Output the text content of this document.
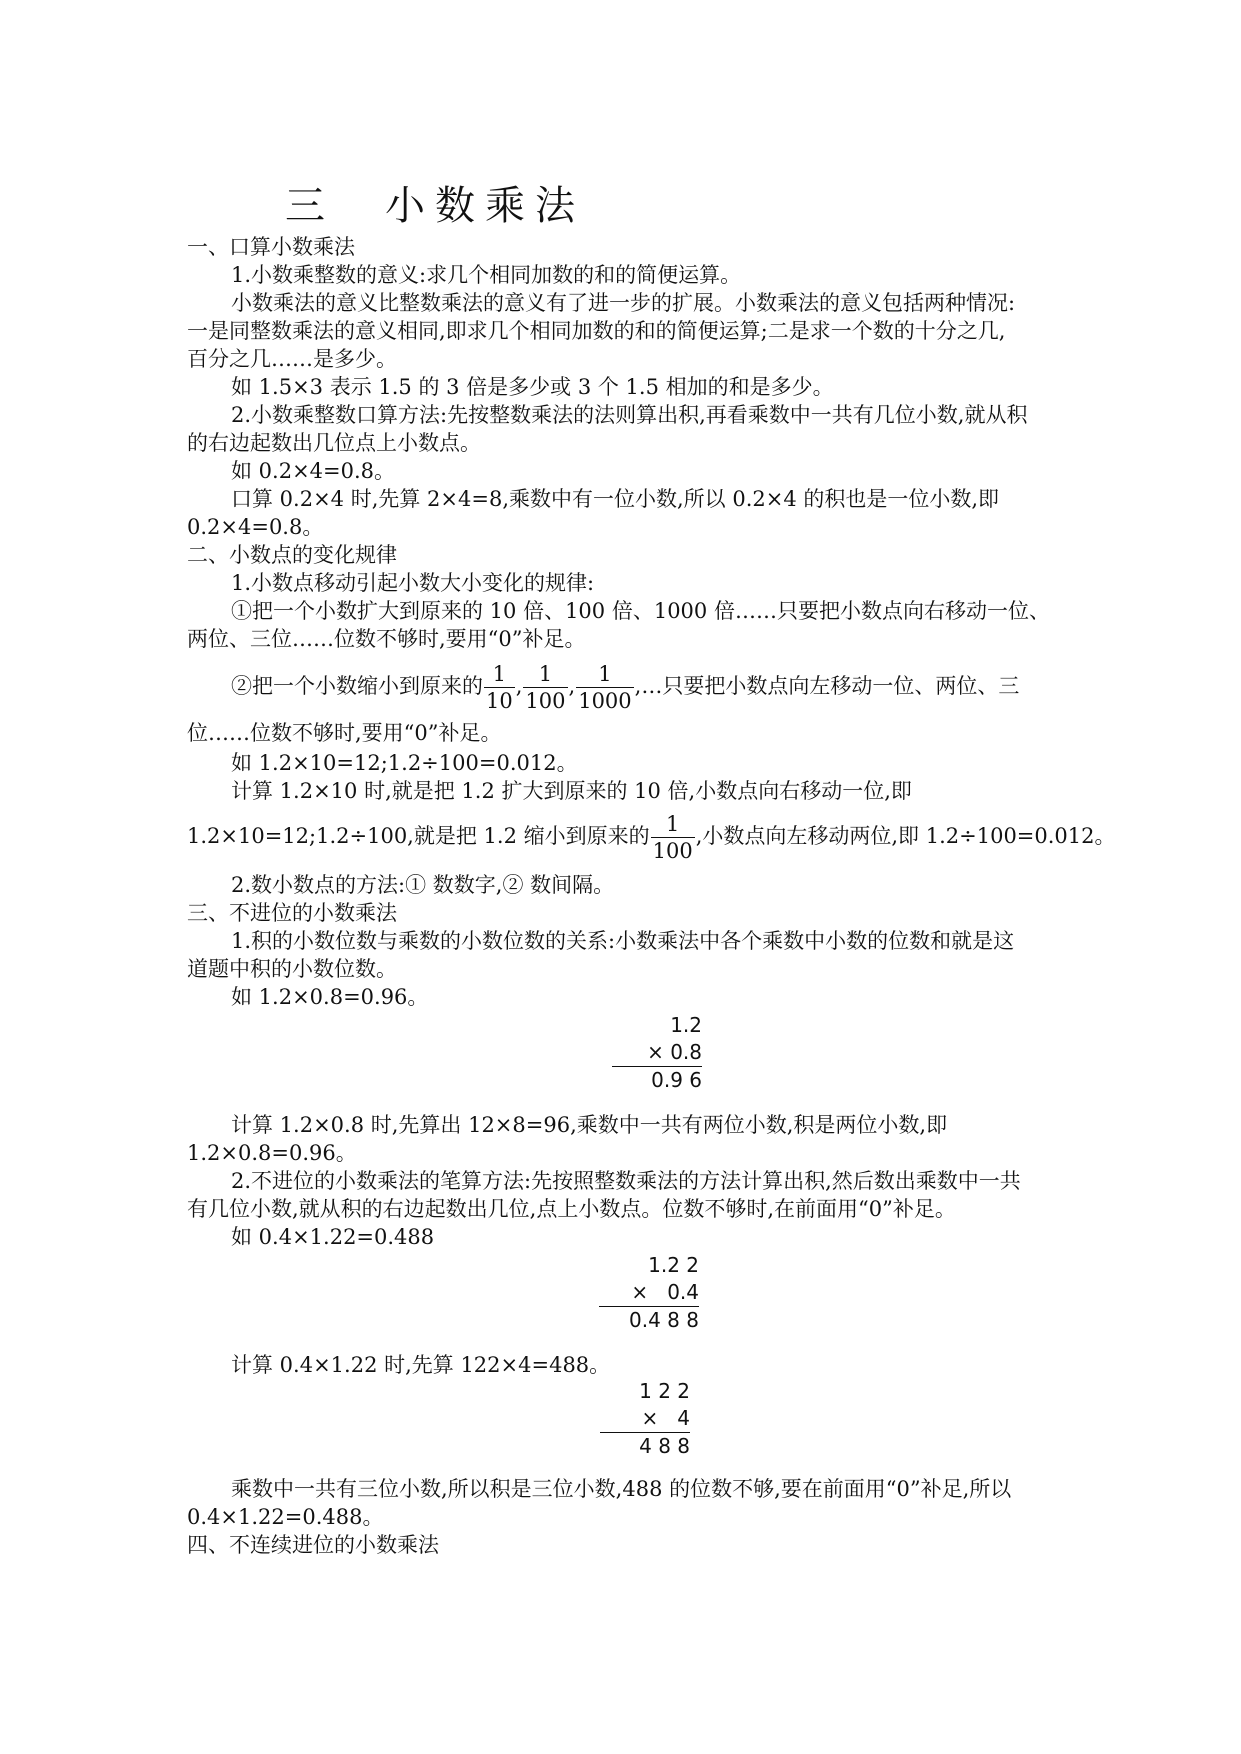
三　小数乘法
一、口算小数乘法
1.小数乘整数的意义:求几个相同加数的和的简便运算。
小数乘法的意义比整数乘法的意义有了进一步的扩展。小数乘法的意义包括两种情况:
一是同整数乘法的意义相同,即求几个相同加数的和的简便运算;二是求一个数的十分之几,
百分之几……是多少。
如 1.5×3 表示 1.5 的 3 倍是多少或 3 个 1.5 相加的和是多少。
2.小数乘整数口算方法:先按整数乘法的法则算出积,再看乘数中一共有几位小数,就从积
的右边起数出几位点上小数点。
如 0.2×4=0.8。
口算 0.2×4 时,先算 2×4=8,乘数中有一位小数,所以 0.2×4 的积也是一位小数,即
0.2×4=0.8。
二、小数点的变化规律
1.小数点移动引起小数大小变化的规律:
①把一个小数扩大到原来的 10 倍、100 倍、1000 倍……只要把小数点向右移动一位、
两位、三位……位数不够时,要用“0”补足。
②把一个小数缩小到原来的 $\frac{1}{10}$ , $\frac{1}{100}$ , $\frac{1}{1000}$ ,…只要把小数点向左移动一位、两位、三
位……位数不够时,要用“0”补足。
如 1.2×10=12;1.2÷100=0.012。
计算 1.2×10 时,就是把 1.2 扩大到原来的 10 倍,小数点向右移动一位,即
1.2×10=12;1.2÷100,就是把 1.2 缩小到原来的 $\frac{1}{100}$ ,小数点向左移动两位,即 1.2÷100=0.012。
2.数小数点的方法:① 数数字,② 数间隔。
三、不进位的小数乘法
1.积的小数位数与乘数的小数位数的关系:小数乘法中各个乘数中小数的位数和就是这
道题中积的小数位数。
如 1.2×0.8=0.96。
1.2
× 0.8
0.9 6
计算 1.2×0.8 时,先算出 12×8=96,乘数中一共有两位小数,积是两位小数,即
1.2×0.8=0.96。
2.不进位的小数乘法的笔算方法:先按照整数乘法的方法计算出积,然后数出乘数中一共
有几位小数,就从积的右边起数出几位,点上小数点。位数不够时,在前面用“0”补足。
如 0.4×1.22=0.488
1.2 2
×   0.4
0.4 8 8
计算 0.4×1.22 时,先算 122×4=488。
1 2 2
×   4
4 8 8
乘数中一共有三位小数,所以积是三位小数,488 的位数不够,要在前面用“0”补足,所以
0.4×1.22=0.488。
四、不连续进位的小数乘法
